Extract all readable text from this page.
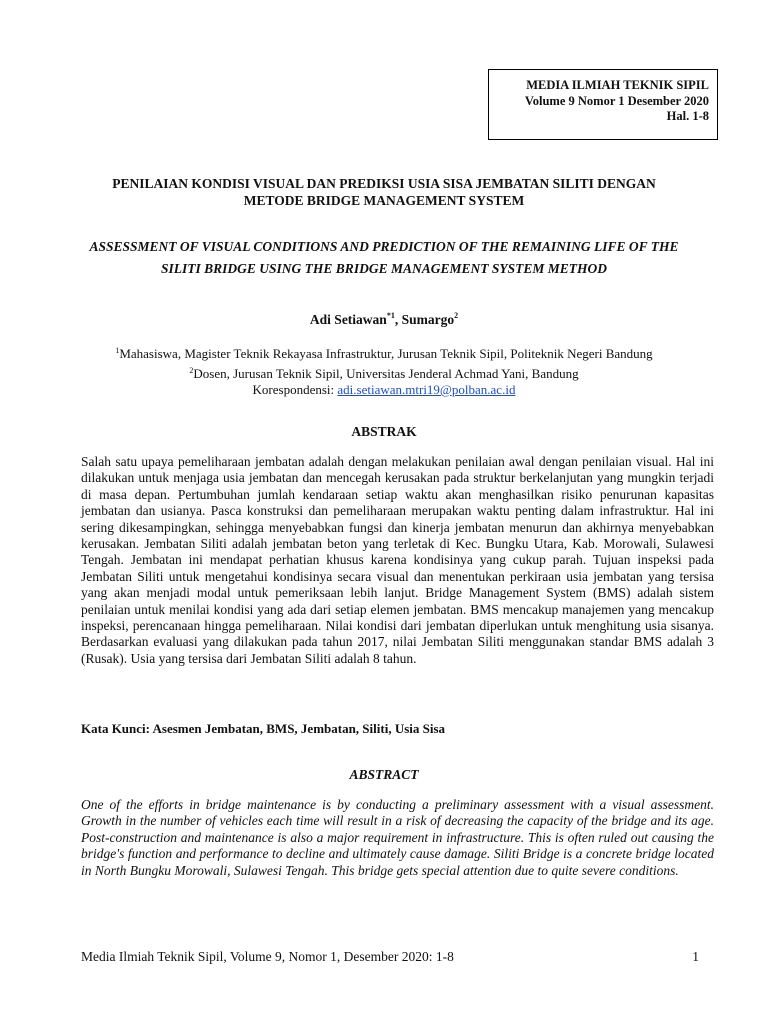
MEDIA ILMIAH TEKNIK SIPIL
Volume 9 Nomor 1 Desember 2020
Hal. 1-8
PENILAIAN KONDISI VISUAL DAN PREDIKSI USIA SISA JEMBATAN SILITI DENGAN
METODE BRIDGE MANAGEMENT SYSTEM
ASSESSMENT OF VISUAL CONDITIONS AND PREDICTION OF THE REMAINING LIFE OF THE
SILITI BRIDGE USING THE BRIDGE MANAGEMENT SYSTEM METHOD
Adi Setiawan$^{*1}$, Sumargo$^2$
$^1$Mahasiswa, Magister Teknik Rekayasa Infrastruktur, Jurusan Teknik Sipil, Politeknik Negeri Bandung
$^2$Dosen, Jurusan Teknik Sipil, Universitas Jenderal Achmad Yani, Bandung
Korespondensi: adi.setiawan.mtri19@polban.ac.id
ABSTRAK
Salah satu upaya pemeliharaan jembatan adalah dengan melakukan penilaian awal dengan penilaian visual. Hal ini dilakukan untuk menjaga usia jembatan dan mencegah kerusakan pada struktur berkelanjutan yang mungkin terjadi di masa depan. Pertumbuhan jumlah kendaraan setiap waktu akan menghasilkan risiko penurunan kapasitas jembatan dan usianya. Pasca konstruksi dan pemeliharaan merupakan waktu penting dalam infrastruktur. Hal ini sering dikesampingkan, sehingga menyebabkan fungsi dan kinerja jembatan menurun dan akhirnya menyebabkan kerusakan. Jembatan Siliti adalah jembatan beton yang terletak di Kec. Bungku Utara, Kab. Morowali, Sulawesi Tengah. Jembatan ini mendapat perhatian khusus karena kondisinya yang cukup parah. Tujuan inspeksi pada Jembatan Siliti untuk mengetahui kondisinya secara visual dan menentukan perkiraan usia jembatan yang tersisa yang akan menjadi modal untuk pemeriksaan lebih lanjut. Bridge Management System (BMS) adalah sistem penilaian untuk menilai kondisi yang ada dari setiap elemen jembatan. BMS mencakup manajemen yang mencakup inspeksi, perencanaan hingga pemeliharaan. Nilai kondisi dari jembatan diperlukan untuk menghitung usia sisanya. Berdasarkan evaluasi yang dilakukan pada tahun 2017, nilai Jembatan Siliti menggunakan standar BMS adalah 3 (Rusak). Usia yang tersisa dari Jembatan Siliti adalah 8 tahun.
Kata Kunci: Asesmen Jembatan, BMS, Jembatan, Siliti, Usia Sisa
ABSTRACT
One of the efforts in bridge maintenance is by conducting a preliminary assessment with a visual assessment. Growth in the number of vehicles each time will result in a risk of decreasing the capacity of the bridge and its age. Post-construction and maintenance is also a major requirement in infrastructure. This is often ruled out causing the bridge's function and performance to decline and ultimately cause damage. Siliti Bridge is a concrete bridge located in North Bungku Morowali, Sulawesi Tengah. This bridge gets special attention due to quite severe conditions.
Media Ilmiah Teknik Sipil, Volume 9, Nomor 1, Desember 2020: 1-8	1
